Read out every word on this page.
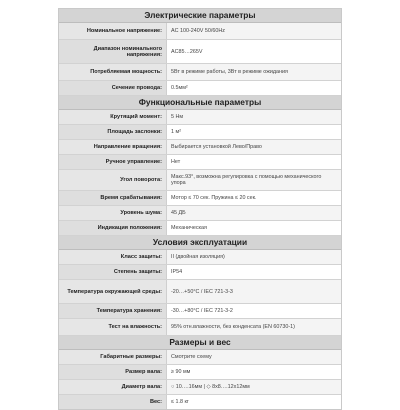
Электрические параметры
Номинальное напряжение:	AC 100-240V 50/60Hz
Диапазон номинального напряжения:	AC85…265V
Потребляемая мощность:	5Вт в режиме работы, 3Вт в режиме ожидания
Сечение провода:	0.5мм²
Функциональные параметры
Крутящий момент:	5 Нм
Площадь заслонки:	1 м²
Направление вращения:	Выбирается установкой Лево/Право
Ручное управление:	Нет
Угол поворота:	Макс.93°, возможна регулировка с помощью механического упора
Время срабатывания:	Мотор ≤ 70 сек. Пружина ≤ 20 сек.
Уровень шума:	45 ДБ
Индикация положения:	Механическая
Условия эксплуатации
Класс защиты:	II (двойная изоляция)
Степень защиты:	IP54
Температура окружающей среды:	-20…+50°C / IEC 721-3-3
Температура хранения:	-30…+80°C / IEC 721-3-2
Тест на влажность:	95% отн.влажности, без конденсата (EN 60730-1)
Размеры и вес
Габаритные размеры:	Смотрите схему
Размер вала:	≥ 90 мм
Диаметр вала:	○ 10….16мм | ◇ 8x8….12x12мм
Вес:	≤ 1.8 кг
